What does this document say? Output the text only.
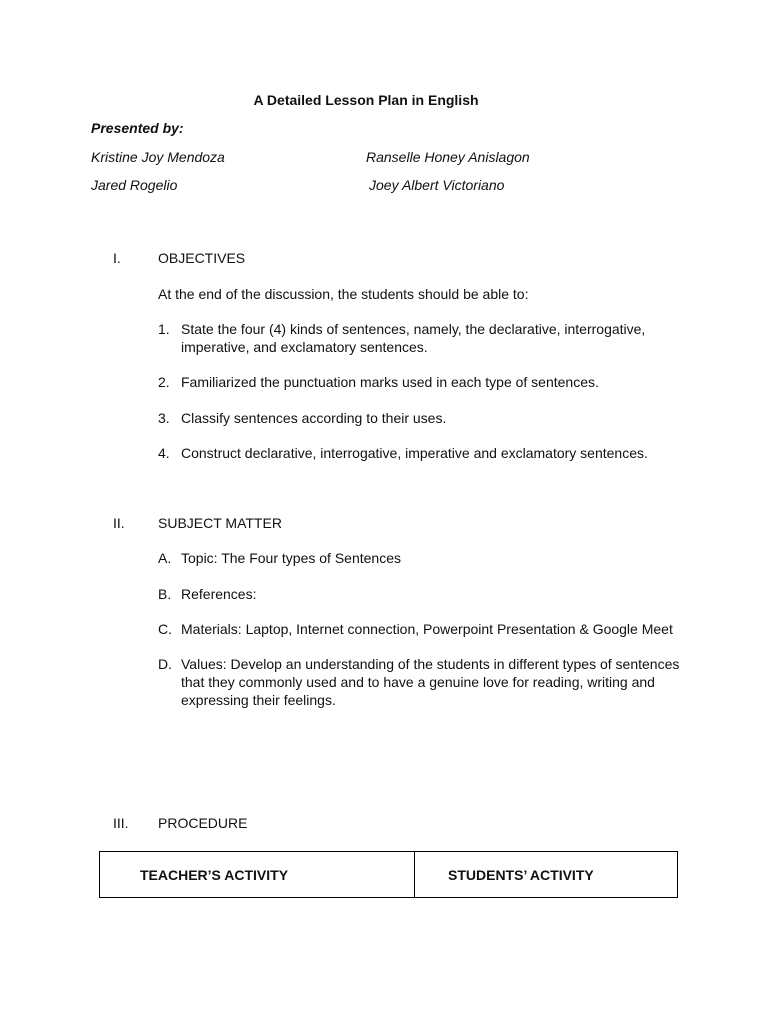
A Detailed Lesson Plan in English
Presented by:
Kristine Joy Mendoza	Ranselle Honey Anislagon
Jared Rogelio	Joey Albert Victoriano
I.	OBJECTIVES
At the end of the discussion, the students should be able to:
1. State the four (4) kinds of sentences, namely, the declarative, interrogative,
imperative, and exclamatory sentences.
2. Familiarized the punctuation marks used in each type of sentences.
3. Classify sentences according to their uses.
4. Construct declarative, interrogative, imperative and exclamatory sentences.
II. SUBJECT MATTER
A. Topic: The Four types of Sentences
B. References:
C. Materials: Laptop, Internet connection, Powerpoint Presentation & Google Meet
D. Values: Develop an understanding of the students in different types of sentences
that they commonly used and to have a genuine love for reading, writing and
expressing their feelings.
III. PROCEDURE
TEACHER’S ACTIVITY	STUDENTS’ ACTIVITY
